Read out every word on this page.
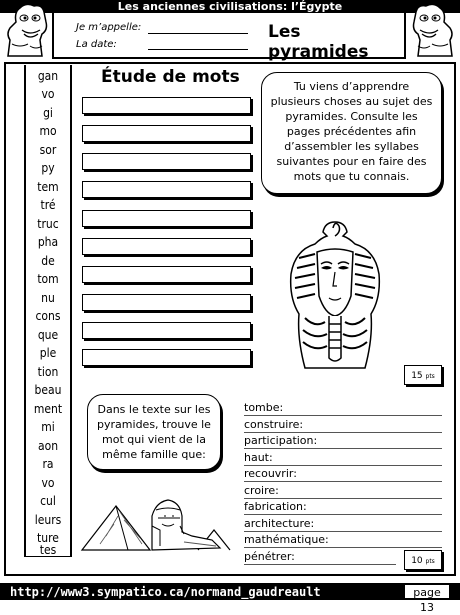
Les anciennes civilisations: l’Égypte
Je m’appelle:
La date:
Les pyramides
gan
vo
gi
mo
sor
py
tem
tré
truc
pha
de
tom
nu
cons
que
ple
tion
beau
ment
mi
aon
ra
vo
cul
leurs
ture
tes
Étude de mots	Tu viens d’apprendre plusieurs choses au sujet des pyramides. Consulte les pages précédentes afin d’assembler les syllabes suivantes pour en faire des mots que tu connais.
15 pts
Dans le texte sur les pyramides, trouve le mot qui vient de la même famille que:
tombe:
construire:
participation:
haut:
recouvrir:
croire:
fabrication:
architecture:
mathématique:
pénétrer:	10 pts
http://www3.sympatico.ca/normand_gaudreault	page 13
